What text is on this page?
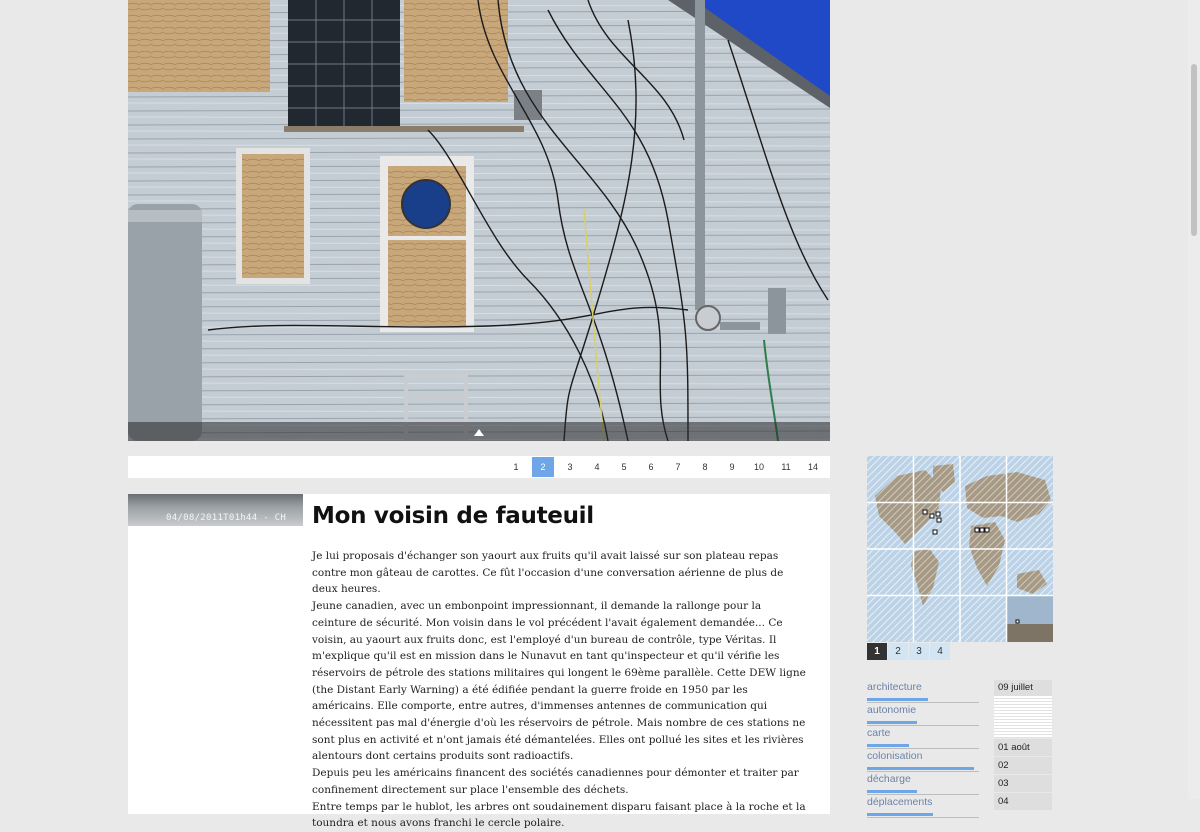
1	2	3	4	5	6	7	8	9	10	11	14
04/08/2011T01h44 - CH Mon voisin de fauteuil

Je lui proposais d'échanger son yaourt aux fruits qu'il avait laissé sur son plateau repas contre mon gâteau de carottes. Ce fût l'occasion d'une conversation aérienne de plus de deux heures.

Jeune canadien, avec un embonpoint impressionnant, il demande la rallonge pour la ceinture de sécurité. Mon voisin dans le vol précédent l'avait également demandée... Ce voisin, au yaourt aux fruits donc, est l'employé d'un bureau de contrôle, type Véritas. Il m'explique qu'il est en mission dans le Nunavut en tant qu'inspecteur et qu'il vérifie les réservoirs de pétrole des stations militaires qui longent le 69ème parallèle. Cette DEW ligne (the Distant Early Warning) a été édifiée pendant la guerre froide en 1950 par les américains. Elle comporte, entre autres, d'immenses antennes de communication qui nécessitent pas mal d'énergie d'où les réservoirs de pétrole. Mais nombre de ces stations ne sont plus en activité et n'ont jamais été démantelées. Elles ont pollué les sites et les rivières alentours dont certains produits sont radioactifs.

Depuis peu les américains financent des sociétés canadiennes pour démonter et traiter par confinement directement sur place l'ensemble des déchets.

Entre temps par le hublot, les arbres ont soudainement disparu faisant place à la roche et la toundra et nous avons franchi le cercle polaire.

1	2	3	4
architecture
autonomie
carte
colonisation
décharge
déplacements
09 juillet
01 août
02
03
04
